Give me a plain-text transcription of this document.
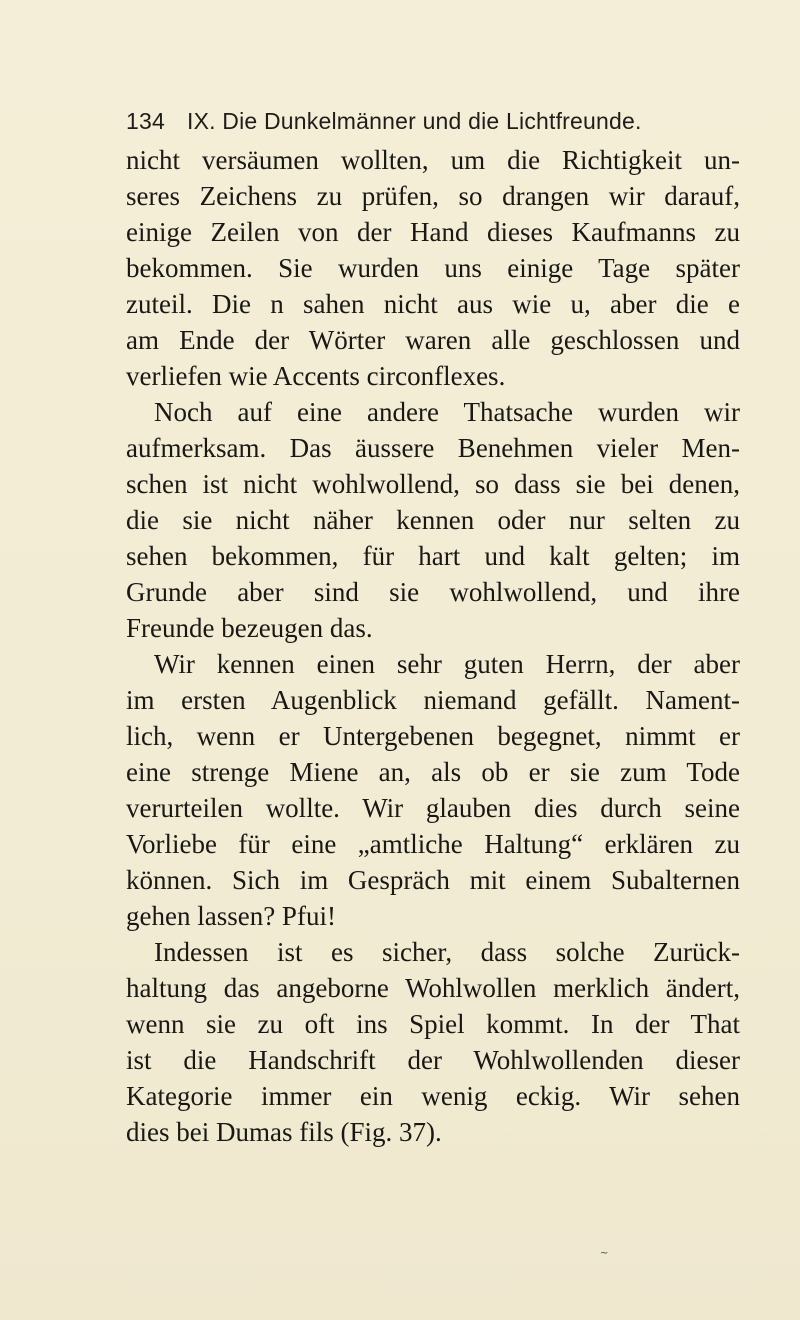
134 IX. Die Dunkelmänner und die Lichtfreunde.
nicht versäumen wollten, um die Richtigkeit un-
seres Zeichens zu prüfen, so drangen wir darauf,
einige Zeilen von der Hand dieses Kaufmanns zu
bekommen. Sie wurden uns einige Tage später
zuteil. Die n sahen nicht aus wie u, aber die e
am Ende der Wörter waren alle geschlossen und
verliefen wie Accents circonflexes.
Noch auf eine andere Thatsache wurden wir
aufmerksam. Das äussere Benehmen vieler Men-
schen ist nicht wohlwollend, so dass sie bei denen,
die sie nicht näher kennen oder nur selten zu
sehen bekommen, für hart und kalt gelten; im
Grunde aber sind sie wohlwollend, und ihre
Freunde bezeugen das.
Wir kennen einen sehr guten Herrn, der aber
im ersten Augenblick niemand gefällt. Nament-
lich, wenn er Untergebenen begegnet, nimmt er
eine strenge Miene an, als ob er sie zum Tode
verurteilen wollte. Wir glauben dies durch seine
Vorliebe für eine „amtliche Haltung“ erklären zu
können. Sich im Gespräch mit einem Subalternen
gehen lassen? Pfui!
Indessen ist es sicher, dass solche Zurück-
haltung das angeborne Wohlwollen merklich ändert,
wenn sie zu oft ins Spiel kommt. In der That
ist die Handschrift der Wohlwollenden dieser
Kategorie immer ein wenig eckig. Wir sehen
dies bei Dumas fils (Fig. 37).
~
